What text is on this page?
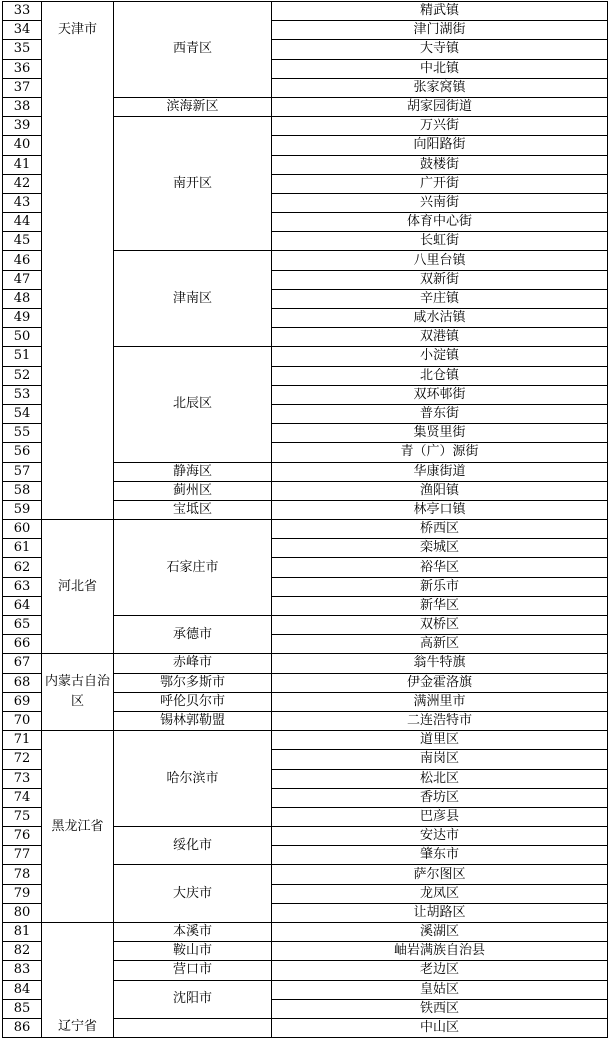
33	天津市	西青区	精武镇
34			津门湖街
35			大寺镇
36			中北镇
37			张家窝镇
38		滨海新区	胡家园街道
39		南开区	万兴街
40			向阳路街
41			鼓楼街
42			广开街
43			兴南街
44			体育中心街
45			长虹街
46		津南区	八里台镇
47			双新街
48			辛庄镇
49			咸水沽镇
50			双港镇
51		北辰区	小淀镇
52			北仓镇
53			双环邨街
54			普东街
55			集贤里街
56			青（广）源街
57		静海区	华康街道
58		蓟州区	渔阳镇
59		宝坻区	林亭口镇
60	河北省	石家庄市	桥西区
61			栾城区
62			裕华区
63			新乐市
64			新华区
65		承德市	双桥区
66			高新区
67	内蒙古自治区	赤峰市	翁牛特旗
68		鄂尔多斯市	伊金霍洛旗
69		呼伦贝尔市	满洲里市
70		锡林郭勒盟	二连浩特市
71	黑龙江省	哈尔滨市	道里区
72			南岗区
73			松北区
74			香坊区
75			巴彦县
76		绥化市	安达市
77			肇东市
78		大庆市	萨尔图区
79			龙凤区
80			让胡路区
81	辽宁省	本溪市	溪湖区
82		鞍山市	岫岩满族自治县
83		营口市	老边区
84		沈阳市	皇姑区
85			铁西区
86			中山区
